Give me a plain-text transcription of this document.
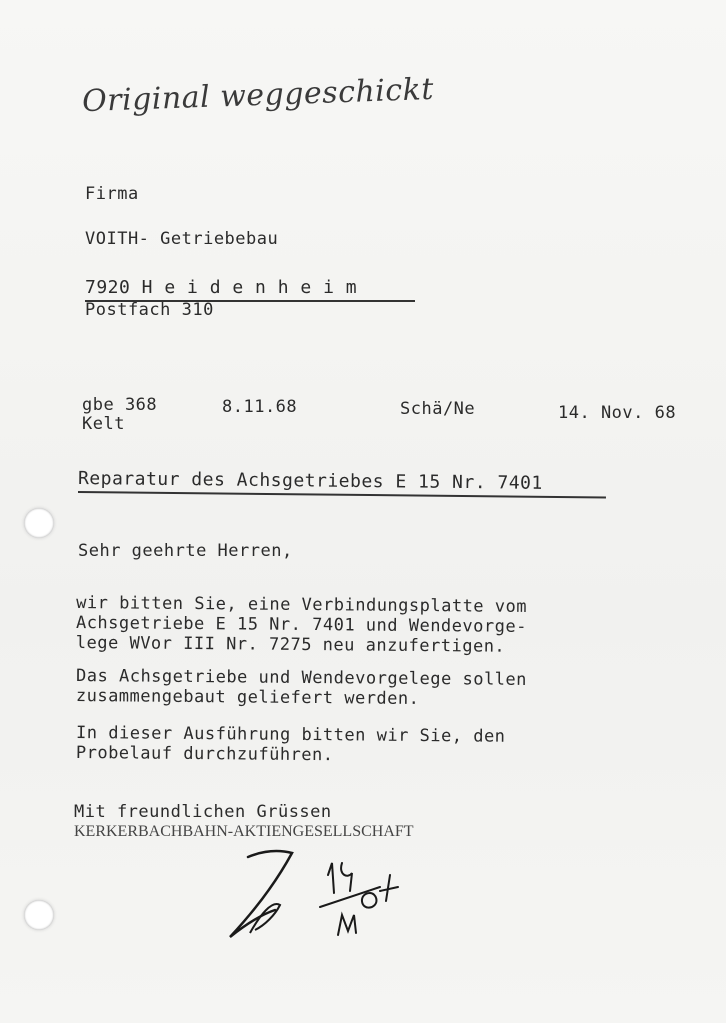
Original weggeschickt
Firma
VOITH- Getriebebau
7920 H e i d e n h e i m
Postfach 310
gbe 368
Kelt
8.11.68	Schä/Ne	14. Nov. 68
Reparatur des Achsgetriebes E 15 Nr. 7401
Sehr geehrte Herren,
wir bitten Sie, eine Verbindungsplatte vom
Achsgetriebe E 15 Nr. 7401 und Wendevorge-
lege WVor III Nr. 7275 neu anzufertigen.
Das Achsgetriebe und Wendevorgelege sollen
zusammengebaut geliefert werden.
In dieser Ausführung bitten wir Sie, den
Probelauf durchzuführen.
Mit freundlichen Grüssen
KERKERBACHBAHN-AKTIENGESELLSCHAFT
